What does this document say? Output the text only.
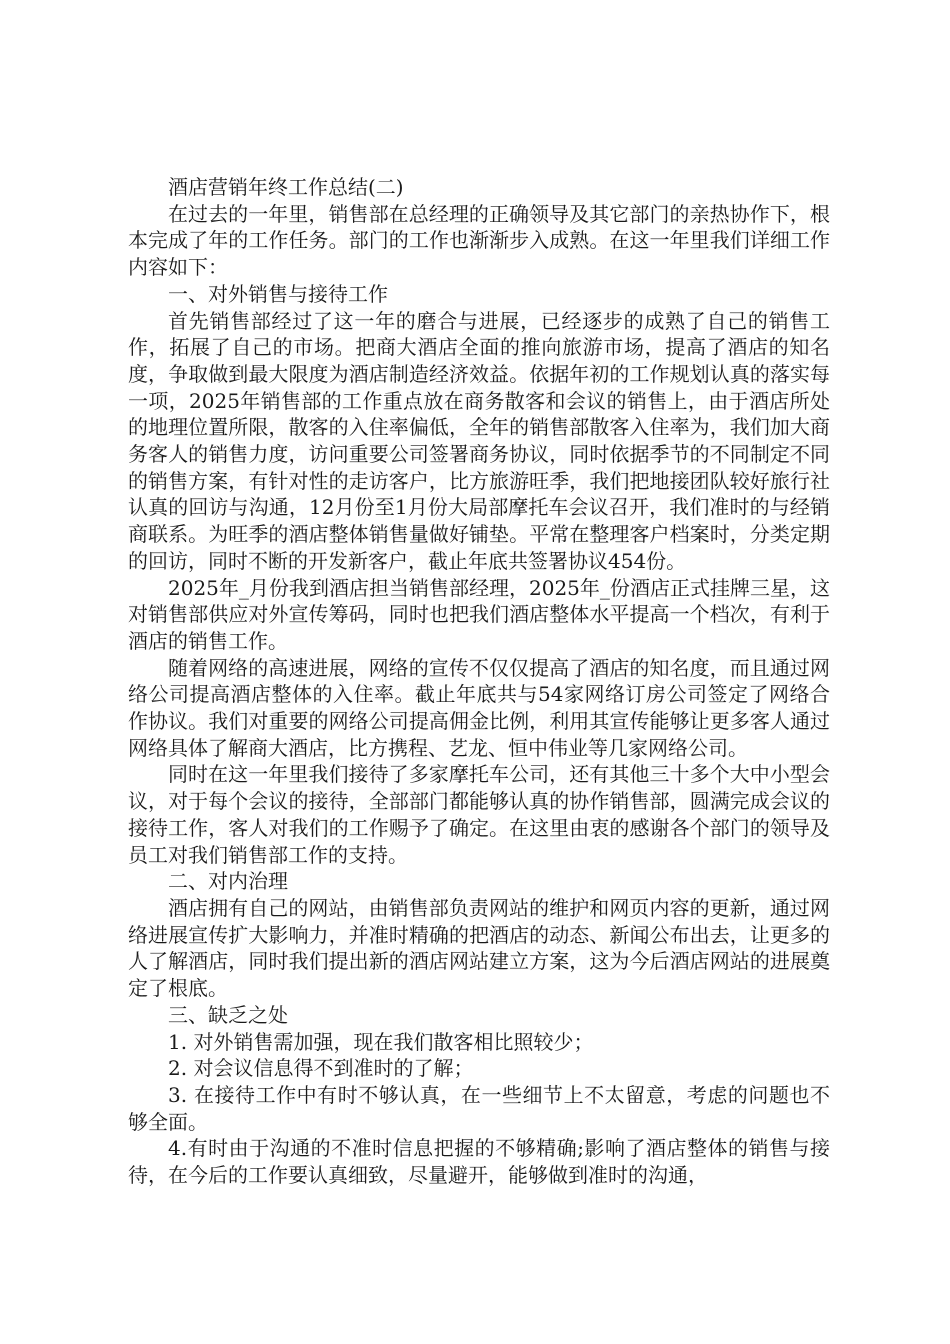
酒店营销年终工作总结(二)

在过去的一年里，销售部在总经理的正确领导及其它部门的亲热协作下，根本完成了年的工作任务。部门的工作也渐渐步入成熟。在这一年里我们详细工作内容如下：

一、对外销售与接待工作

首先销售部经过了这一年的磨合与进展，已经逐步的成熟了自己的销售工作，拓展了自己的市场。把商大酒店全面的推向旅游市场，提高了酒店的知名度，争取做到最大限度为酒店制造经济效益。依据年初的工作规划认真的落实每一项，2025年销售部的工作重点放在商务散客和会议的销售上，由于酒店所处的地理位置所限，散客的入住率偏低，全年的销售部散客入住率为，我们加大商务客人的销售力度，访问重要公司签署商务协议，同时依据季节的不同制定不同的销售方案，有针对性的走访客户，比方旅游旺季，我们把地接团队较好旅行社认真的回访与沟通，12月份至1月份大局部摩托车会议召开，我们准时的与经销商联系。为旺季的酒店整体销售量做好铺垫。平常在整理客户档案时，分类定期的回访，同时不断的开发新客户，截止年底共签署协议454份。

2025年_月份我到酒店担当销售部经理，2025年_份酒店正式挂牌三星，这对销售部供应对外宣传筹码，同时也把我们酒店整体水平提高一个档次，有利于酒店的销售工作。

随着网络的高速进展，网络的宣传不仅仅提高了酒店的知名度，而且通过网络公司提高酒店整体的入住率。截止年底共与54家网络订房公司签定了网络合作协议。我们对重要的网络公司提高佣金比例，利用其宣传能够让更多客人通过网络具体了解商大酒店，比方携程、艺龙、恒中伟业等几家网络公司。

同时在这一年里我们接待了多家摩托车公司，还有其他三十多个大中小型会议，对于每个会议的接待，全部部门都能够认真的协作销售部，圆满完成会议的接待工作，客人对我们的工作赐予了确定。在这里由衷的感谢各个部门的领导及员工对我们销售部工作的支持。

二、对内治理

酒店拥有自己的网站，由销售部负责网站的维护和网页内容的更新，通过网络进展宣传扩大影响力，并准时精确的把酒店的动态、新闻公布出去，让更多的人了解酒店，同时我们提出新的酒店网站建立方案，这为今后酒店网站的进展奠定了根底。

三、缺乏之处

1. 对外销售需加强，现在我们散客相比照较少；

2. 对会议信息得不到准时的了解；

3. 在接待工作中有时不够认真，在一些细节上不太留意，考虑的问题也不够全面。

4.有时由于沟通的不准时信息把握的不够精确;影响了酒店整体的销售与接待，在今后的工作要认真细致，尽量避开，能够做到准时的沟通，
